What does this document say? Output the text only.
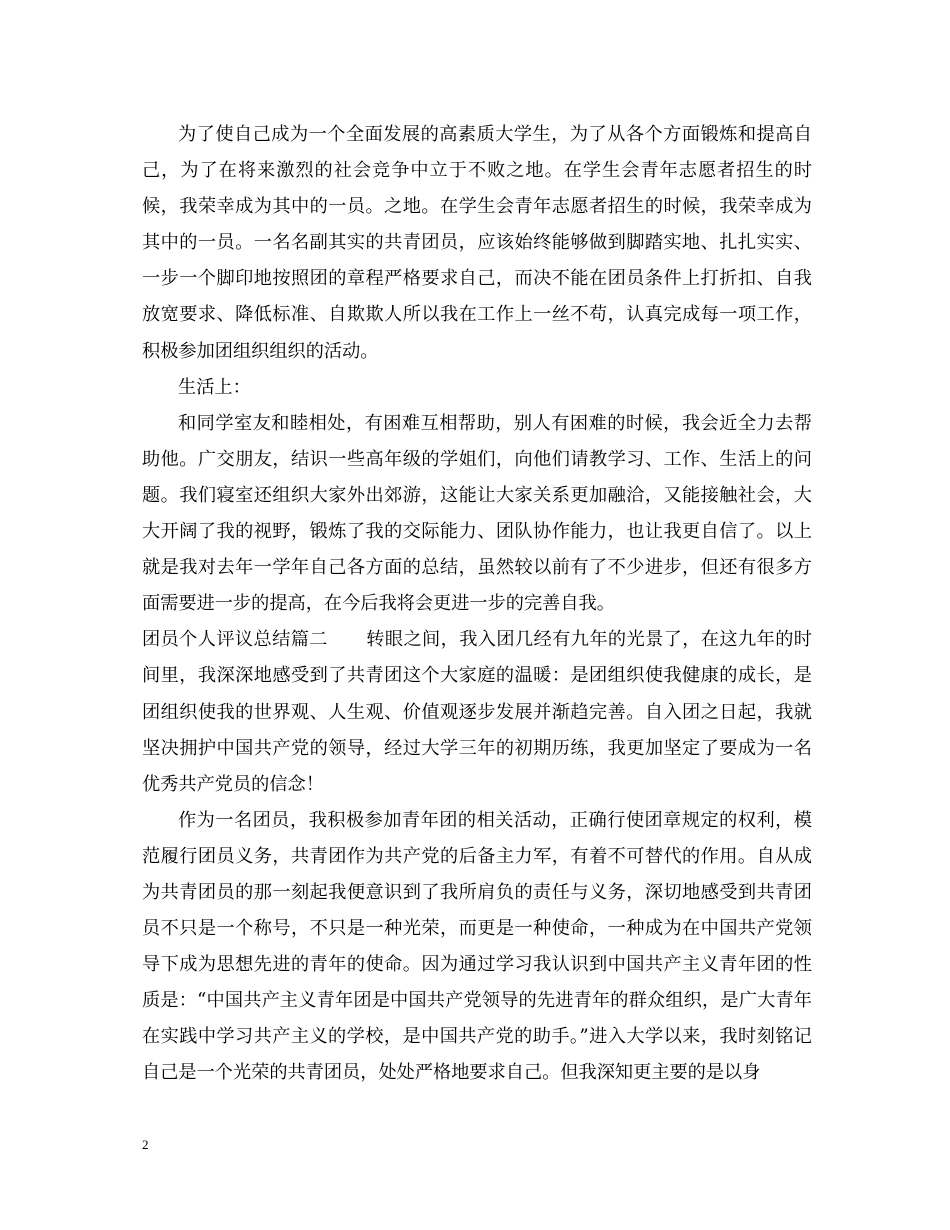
为了使自己成为一个全面发展的高素质大学生，为了从各个方面锻炼和提高自己，为了在将来激烈的社会竞争中立于不败之地。在学生会青年志愿者招生的时候，我荣幸成为其中的一员。之地。在学生会青年志愿者招生的时候，我荣幸成为其中的一员。一名名副其实的共青团员，应该始终能够做到脚踏实地、扎扎实实、一步一个脚印地按照团的章程严格要求自己，而决不能在团员条件上打折扣、自我放宽要求、降低标准、自欺欺人所以我在工作上一丝不苟，认真完成每一项工作，积极参加团组织组织的活动。

生活上：

和同学室友和睦相处，有困难互相帮助，别人有困难的时候，我会近全力去帮助他。广交朋友，结识一些高年级的学姐们，向他们请教学习、工作、生活上的问题。我们寝室还组织大家外出郊游，这能让大家关系更加融洽，又能接触社会，大大开阔了我的视野，锻炼了我的交际能力、团队协作能力，也让我更自信了。以上就是我对去年一学年自己各方面的总结，虽然较以前有了不少进步，但还有很多方面需要进一步的提高，在今后我将会更进一步的完善自我。

团员个人评议总结篇二 转眼之间，我入团几经有九年的光景了，在这九年的时间里，我深深地感受到了共青团这个大家庭的温暖：是团组织使我健康的成长，是团组织使我的世界观、人生观、价值观逐步发展并渐趋完善。自入团之日起，我就坚决拥护中国共产党的领导，经过大学三年的初期历练，我更加坚定了要成为一名优秀共产党员的信念！

作为一名团员，我积极参加青年团的相关活动，正确行使团章规定的权利，模范履行团员义务，共青团作为共产党的后备主力军，有着不可替代的作用。自从成为共青团员的那一刻起我便意识到了我所肩负的责任与义务，深切地感受到共青团员不只是一个称号，不只是一种光荣，而更是一种使命，一种成为在中国共产党领导下成为思想先进的青年的使命。因为通过学习我认识到中国共产主义青年团的性质是：“中国共产主义青年团是中国共产党领导的先进青年的群众组织，是广大青年在实践中学习共产主义的学校，是中国共产党的助手。”进入大学以来，我时刻铭记自己是一个光荣的共青团员，处处严格地要求自己。但我深知更主要的是以身

2
